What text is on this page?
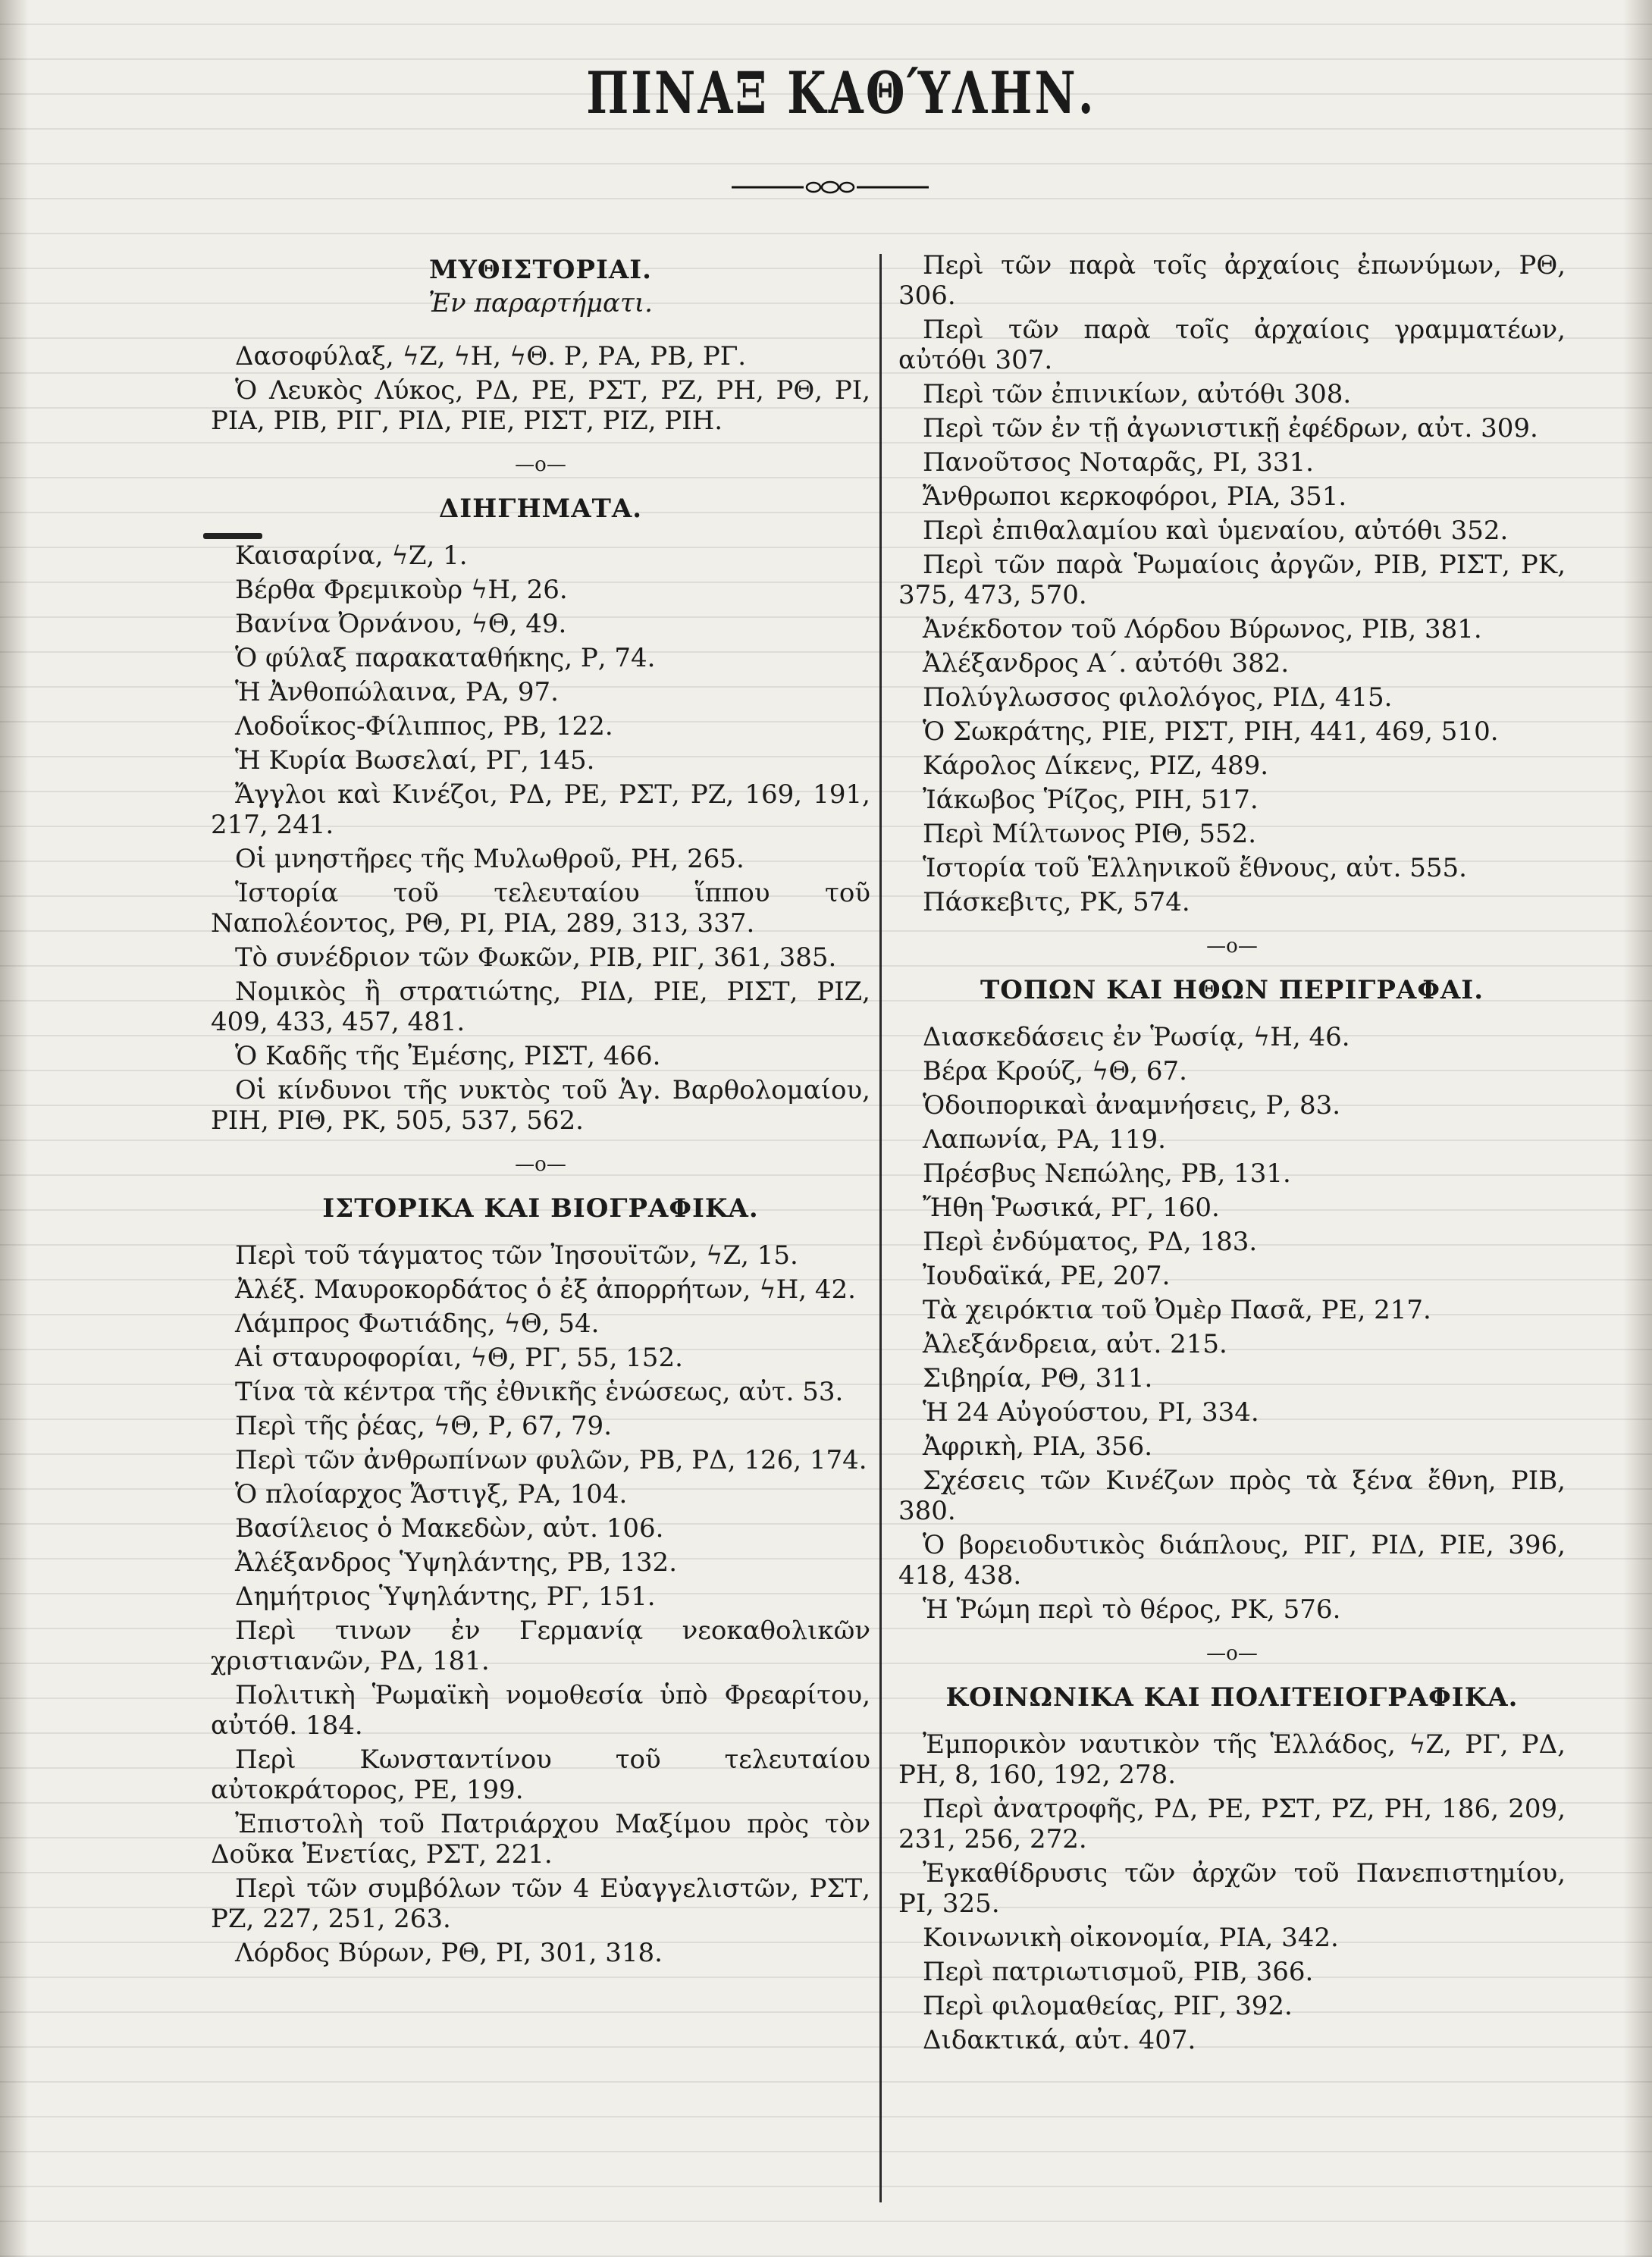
ΠΙΝΑΞ ΚΑΘΎΛΗΝ.
ΜΥΘΙΣΤΟΡΙΑΙ.
Ἐν παραρτήματι.
Δασοφύλαξ, ϟΖ, ϟΗ, ϟΘ. Ρ, ΡΑ, ΡΒ, ΡΓ.
Ὁ Λευκὸς Λύκος, ΡΔ, ΡΕ, ΡΣΤ, ΡΖ, ΡΗ, ΡΘ, ΡΙ, ΡΙΑ, ΡΙΒ, ΡΙΓ, ΡΙΔ, ΡΙΕ, ΡΙΣΤ, ΡΙΖ, ΡΙΗ.
—o—
ΔΙΗΓΗΜΑΤΑ.
Καισαρίνα, ϟΖ, 1.
Βέρθα Φρεμικοὺρ ϟΗ, 26.
Βανίνα Ὀρνάνου, ϟΘ, 49.
Ὁ φύλαξ παρακαταθήκης, Ρ, 74.
Ἡ Ἀνθοπώλαινα, ΡΑ, 97.
Λοδοΐκος-Φίλιππος, ΡΒ, 122.
Ἡ Κυρία Βωσελαί, ΡΓ, 145.
Ἄγγλοι καὶ Κινέζοι, ΡΔ, ΡΕ, ΡΣΤ, ΡΖ, 169, 191, 217, 241.
Οἱ μνηστῆρες τῆς Μυλωθροῦ, ΡΗ, 265.
Ἱστορία τοῦ τελευταίου ἵππου τοῦ Ναπολέοντος, ΡΘ, ΡΙ, ΡΙΑ, 289, 313, 337.
Τὸ συνέδριον τῶν Φωκῶν, ΡΙΒ, ΡΙΓ, 361, 385.
Νομικὸς ἢ στρατιώτης, ΡΙΔ, ΡΙΕ, ΡΙΣΤ, ΡΙΖ, 409, 433, 457, 481.
Ὁ Καδῆς τῆς Ἐμέσης, ΡΙΣΤ, 466.
Οἱ κίνδυνοι τῆς νυκτὸς τοῦ Ἁγ. Βαρθολομαίου, ΡΙΗ, ΡΙΘ, ΡΚ, 505, 537, 562.
—o—
ΙΣΤΟΡΙΚΑ ΚΑΙ ΒΙΟΓΡΑΦΙΚΑ.
Περὶ τοῦ τάγματος τῶν Ἰησουϊτῶν, ϟΖ, 15.
Ἀλέξ. Μαυροκορδάτος ὁ ἐξ ἀπορρήτων, ϟΗ, 42.
Λάμπρος Φωτιάδης, ϟΘ, 54.
Αἱ σταυροφορίαι, ϟΘ, ΡΓ, 55, 152.
Τίνα τὰ κέντρα τῆς ἐθνικῆς ἑνώσεως, αὐτ. 53.
Περὶ τῆς ῥέας, ϟΘ, Ρ, 67, 79.
Περὶ τῶν ἀνθρωπίνων φυλῶν, ΡΒ, ΡΔ, 126, 174.
Ὁ πλοίαρχος Ἄστιγξ, ΡΑ, 104.
Βασίλειος ὁ Μακεδὼν, αὐτ. 106.
Ἀλέξανδρος Ὑψηλάντης, ΡΒ, 132.
Δημήτριος Ὑψηλάντης, ΡΓ, 151.
Περὶ τινων ἐν Γερμανίᾳ νεοκαθολικῶν χριστιανῶν, ΡΔ, 181.
Πολιτικὴ Ῥωμαϊκὴ νομοθεσία ὑπὸ Φρεαρίτου, αὐτόθ. 184.
Περὶ Κωνσταντίνου τοῦ τελευταίου αὐτοκράτορος, ΡΕ, 199.
Ἐπιστολὴ τοῦ Πατριάρχου Μαξίμου πρὸς τὸν Δοῦκα Ἐνετίας, ΡΣΤ, 221.
Περὶ τῶν συμβόλων τῶν 4 Εὐαγγελιστῶν, ΡΣΤ, ΡΖ, 227, 251, 263.
Λόρδος Βύρων, ΡΘ, ΡΙ, 301, 318.
Περὶ τῶν παρὰ τοῖς ἀρχαίοις ἐπωνύμων, ΡΘ, 306.
Περὶ τῶν παρὰ τοῖς ἀρχαίοις γραμματέων, αὐτόθι 307.
Περὶ τῶν ἐπινικίων, αὐτόθι 308.
Περὶ τῶν ἐν τῇ ἀγωνιστικῇ ἐφέδρων, αὐτ. 309.
Πανοῦτσος Νοταρᾶς, ΡΙ, 331.
Ἄνθρωποι κερκοφόροι, ΡΙΑ, 351.
Περὶ ἐπιθαλαμίου καὶ ὑμεναίου, αὐτόθι 352.
Περὶ τῶν παρὰ Ῥωμαίοις ἀργῶν, ΡΙΒ, ΡΙΣΤ, ΡΚ, 375, 473, 570.
Ἀνέκδοτον τοῦ Λόρδου Βύρωνος, ΡΙΒ, 381.
Ἀλέξανδρος Α΄. αὐτόθι 382.
Πολύγλωσσος φιλολόγος, ΡΙΔ, 415.
Ὁ Σωκράτης, ΡΙΕ, ΡΙΣΤ, ΡΙΗ, 441, 469, 510.
Κάρολος Δίκενς, ΡΙΖ, 489.
Ἰάκωβος Ῥίζος, ΡΙΗ, 517.
Περὶ Μίλτωνος ΡΙΘ, 552.
Ἱστορία τοῦ Ἑλληνικοῦ ἔθνους, αὐτ. 555.
Πάσκεβιτς, ΡΚ, 574.
—o—
ΤΟΠΩΝ ΚΑΙ ΗΘΩΝ ΠΕΡΙΓΡΑΦΑΙ.
Διασκεδάσεις ἐν Ῥωσίᾳ, ϟΗ, 46.
Βέρα Κρούζ, ϟΘ, 67.
Ὁδοιπορικαὶ ἀναμνήσεις, Ρ, 83.
Λαπωνία, ΡΑ, 119.
Πρέσβυς Νεπώλης, ΡΒ, 131.
Ἤθη Ῥωσικά, ΡΓ, 160.
Περὶ ἐνδύματος, ΡΔ, 183.
Ἰουδαϊκά, ΡΕ, 207.
Τὰ χειρόκτια τοῦ Ὀμὲρ Πασᾶ, ΡΕ, 217.
Ἀλεξάνδρεια, αὐτ. 215.
Σιβηρία, ΡΘ, 311.
Ἡ 24 Αὐγούστου, ΡΙ, 334.
Ἀφρικὴ, ΡΙΑ, 356.
Σχέσεις τῶν Κινέζων πρὸς τὰ ξένα ἔθνη, ΡΙΒ, 380.
Ὁ βορειοδυτικὸς διάπλους, ΡΙΓ, ΡΙΔ, ΡΙΕ, 396, 418, 438.
Ἡ Ῥώμη περὶ τὸ θέρος, ΡΚ, 576.
—o—
ΚΟΙΝΩΝΙΚΑ ΚΑΙ ΠΟΛΙΤΕΙΟΓΡΑΦΙΚΑ.
Ἐμπορικὸν ναυτικὸν τῆς Ἑλλάδος, ϟΖ, ΡΓ, ΡΔ, ΡΗ, 8, 160, 192, 278.
Περὶ ἀνατροφῆς, ΡΔ, ΡΕ, ΡΣΤ, ΡΖ, ΡΗ, 186, 209, 231, 256, 272.
Ἐγκαθίδρυσις τῶν ἀρχῶν τοῦ Πανεπιστημίου, ΡΙ, 325.
Κοινωνικὴ οἰκονομία, ΡΙΑ, 342.
Περὶ πατριωτισμοῦ, ΡΙΒ, 366.
Περὶ φιλομαθείας, ΡΙΓ, 392.
Διδακτικά, αὐτ. 407.
